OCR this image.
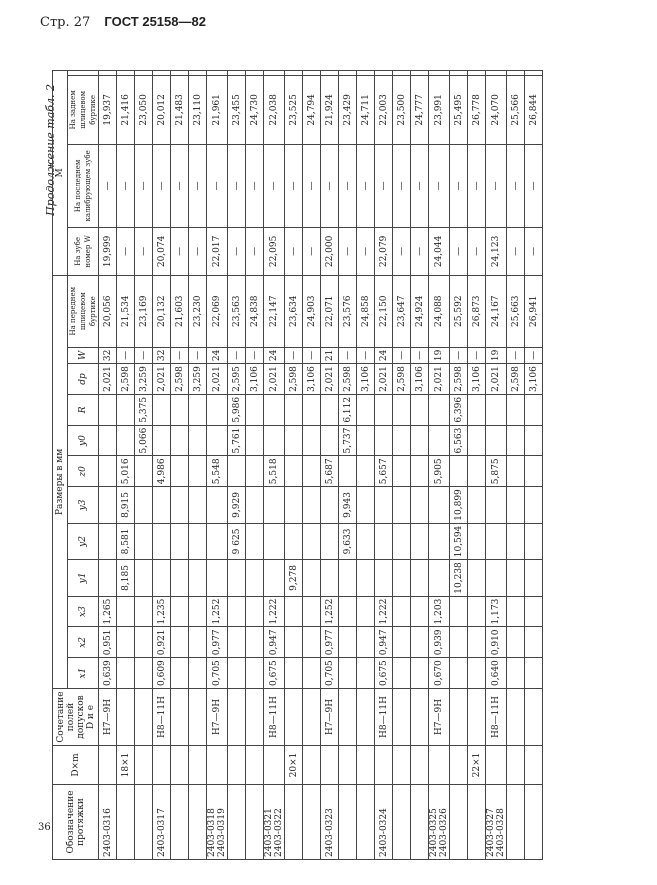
Стр. 27 ГОСТ 25158—82
36
Продолжение табл. 2
Обозначение протяжки	D×m	Сочетание полей допусков D и е	Размеры в мм												M			
			x1	x2	x3	y1	y2	y3	z0	y0	R	dp	W	На переднем шлицевом буртике	На зубе номер W	На последнем калибрующем зубе	На заднем шлицевом буртике	
2403-0316		H7—9H	0,639	0,951	1,265							2,021	32	20,056	19,999	—	19,937	
	18×1					8,185	8,581	8,915	5,016			2,598	—	21,534	—	—	21,416	
										5,066	5,375	3,259	—	23,169	—	—	23,050	
2403-0317		H8—11H	0,609	0,921	1,235				4,986			2,021	32	20,132	20,074	—	20,012	
												2,598	—	21,603	—	—	21,483	
												3,259	—	23,230	—	—	23,110	
2403-0318 2403-0319		H7—9H	0,705	0,977	1,252				5,548			2,021	24	22,069	22,017	—	21,961	
							9 625	9,929		5,761	5,986	2,595	—	23,563	—	—	23,455	
												3,106	—	24,838	—	—	24,730	
2403-0321 2403-0322		H8—11H	0,675	0,947	1,222				5,518			2,021	24	22,147	22,095	—	22,038	
	20×1					9,278						2,598	—	23,634	—	—	23,525	
												3,106	—	24,903	—	—	24,794	
2403-0323		H7—9H	0,705	0,977	1,252				5,687			2,021	21	22,071	22,000	—	21,924	
							9,633	9,943		5,737	6,112	2,598	—	23,576	—	—	23,429	
												3,106	—	24,858	—	—	24,711	
2403-0324		H8—11H	0,675	0,947	1,222				5,657			2,021	24	22,150	22,079	—	22,003	
												2,598	—	23,647	—	—	23,500	
												3,106	—	24,924	—	—	24,777	
2403-0325 2403-0326		H7—9H	0,670	0,939	1,203				5,905			2,021	19	24,088	24,044	—	23,991	
						10,238	10,594	10,899		6,563	6,396	2,598	—	25,592	—	—	25,495	
	22×1											3,106	—	26,873	—	—	26,778	
2403-0327 2403-0328		H8—11H	0,640	0,910	1,173				5,875			2,021	19	24,167	24,123	—	24,070	
												2,598	—	25,663	—	—	25,566	
												3,106	—	26,941	—	—	26,844	
